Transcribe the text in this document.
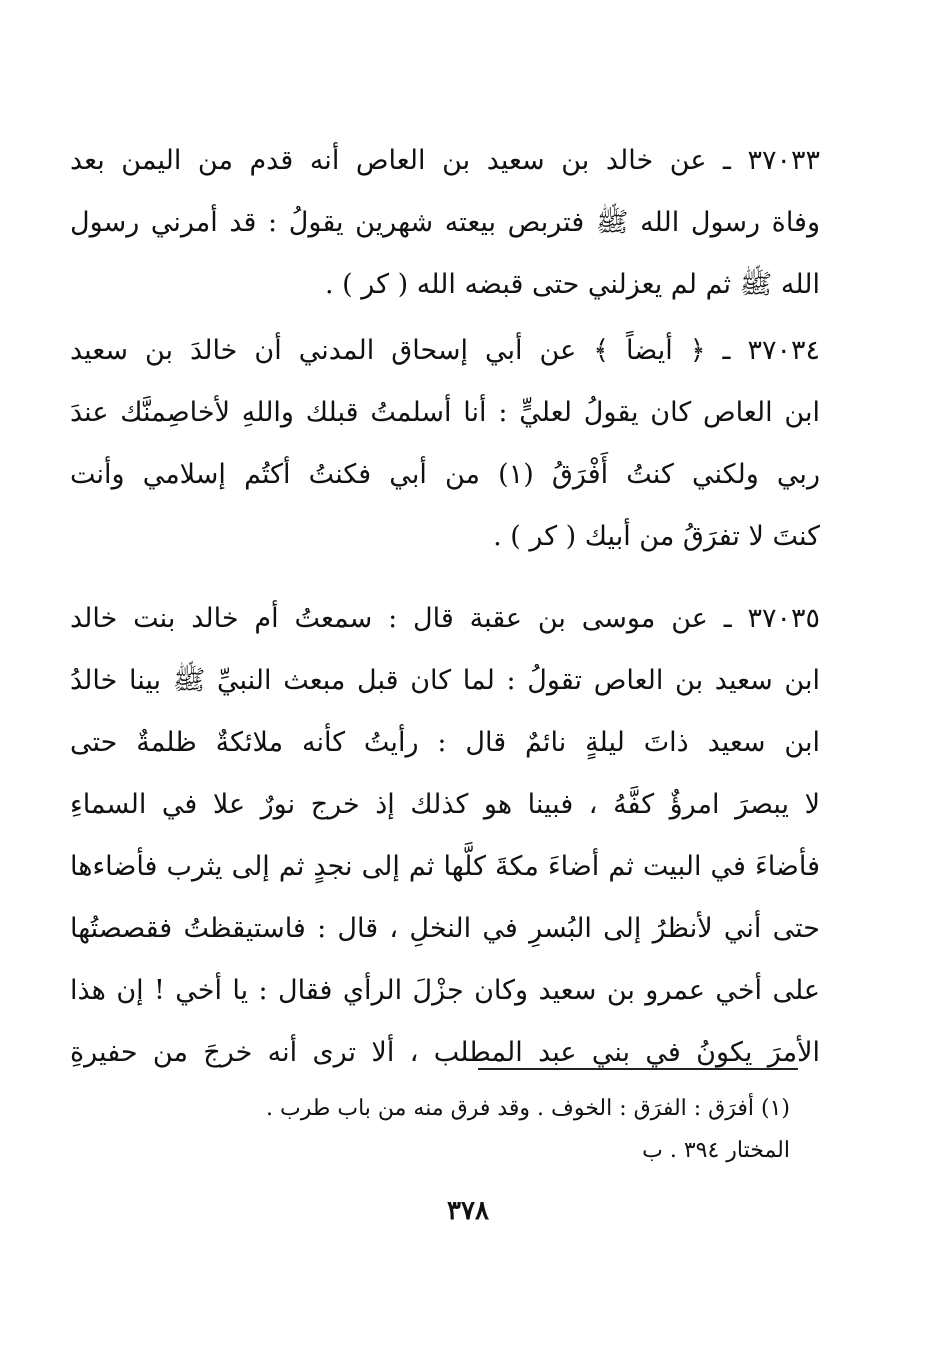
٣٧٠٣٣ ـ عن خالد بن سعيد بن العاص أنه قدم من اليمن بعد
وفاة رسول الله ﷺ فتربص بيعته شهرين يقولُ : قد أمرني رسول
الله ﷺ ثم لم يعزلني حتى قبضه الله ( كر ) .
٣٧٠٣٤ ـ ﴿ أيضاً ﴾ عن أبي إسحاق المدني أن خالدَ بن سعيد
ابن العاص كان يقولُ لعليٍّ : أنا أسلمتُ قبلك واللهِ لأخاصِمنَّك عندَ
ربي ولكني كنتُ أَفْرَقُ (١) من أبي فكنتُ أكتُم إسلامي وأنت
كنتَ لا تفرَقُ من أبيك ( كر ) .
٣٧٠٣٥ ـ عن موسى بن عقبة قال : سمعتُ أم خالد بنت خالد
ابن سعيد بن العاص تقولُ : لما كان قبل مبعث النبيِّ ﷺ بينا خالدُ
ابن سعيد ذاتَ ليلةٍ نائمٌ قال : رأيتُ كأنه ملائكةٌ ظلمةٌ حتى
لا يبصرَ امرؤٌ كفَّهُ ، فبينا هو كذلك إذ خرج نورٌ علا في السماءِ
فأضاءَ في البيت ثم أضاءَ مكةَ كلَّها ثم إلى نجدٍ ثم إلى يثرب فأضاءها
حتى أني لأنظرُ إلى البُسرِ في النخلِ ، قال : فاستيقظتُ فقصصتُها
على أخي عمرو بن سعيد وكان جزْلَ الرأي فقال : يا أخي ! إن هذا
الأمرَ يكونُ في بني عبد المطلب ، ألا ترى أنه خرجَ من حفيرةِ
(١) أفرَق : الفرَق : الخوف . وقد فرق منه من باب طرب .
المختار ٣٩٤ . ب
٣٧٨
